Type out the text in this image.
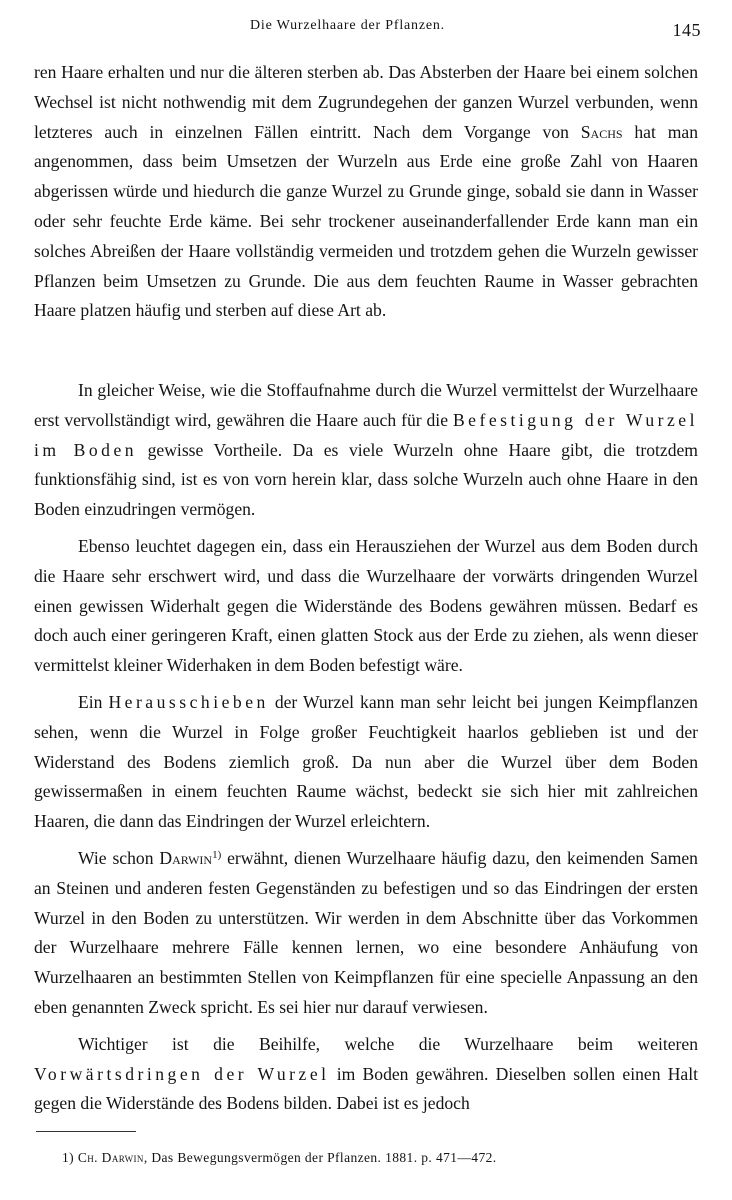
Die Wurzelhaare der Pflanzen.	145

ren Haare erhalten und nur die älteren sterben ab. Das Absterben der Haare bei einem solchen Wechsel ist nicht nothwendig mit dem Zugrundegehen der ganzen Wurzel verbunden, wenn letzteres auch in einzelnen Fällen eintritt. Nach dem Vorgange von Sachs hat man angenommen, dass beim Umsetzen der Wurzeln aus Erde eine große Zahl von Haaren abgerissen würde und hiedurch die ganze Wurzel zu Grunde ginge, sobald sie dann in Wasser oder sehr feuchte Erde käme. Bei sehr trockener auseinanderfallender Erde kann man ein solches Abreißen der Haare vollständig vermeiden und trotzdem gehen die Wurzeln gewisser Pflanzen beim Umsetzen zu Grunde. Die aus dem feuchten Raume in Wasser gebrachten Haare platzen häufig und sterben auf diese Art ab.

In gleicher Weise, wie die Stoffaufnahme durch die Wurzel vermittelst der Wurzelhaare erst vervollständigt wird, gewähren die Haare auch für die Befestigung der Wurzel im Boden gewisse Vortheile. Da es viele Wurzeln ohne Haare gibt, die trotzdem funktionsfähig sind, ist es von vorn herein klar, dass solche Wurzeln auch ohne Haare in den Boden einzudringen vermögen.

Ebenso leuchtet dagegen ein, dass ein Herausziehen der Wurzel aus dem Boden durch die Haare sehr erschwert wird, und dass die Wurzelhaare der vorwärts dringenden Wurzel einen gewissen Widerhalt gegen die Widerstände des Bodens gewähren müssen. Bedarf es doch auch einer geringeren Kraft, einen glatten Stock aus der Erde zu ziehen, als wenn dieser vermittelst kleiner Widerhaken in dem Boden befestigt wäre.

Ein Herausschieben der Wurzel kann man sehr leicht bei jungen Keimpflanzen sehen, wenn die Wurzel in Folge großer Feuchtigkeit haarlos geblieben ist und der Widerstand des Bodens ziemlich groß. Da nun aber die Wurzel über dem Boden gewissermaßen in einem feuchten Raume wächst, bedeckt sie sich hier mit zahlreichen Haaren, die dann das Eindringen der Wurzel erleichtern.

Wie schon Darwin$^{1)}$ erwähnt, dienen Wurzelhaare häufig dazu, den keimenden Samen an Steinen und anderen festen Gegenständen zu befestigen und so das Eindringen der ersten Wurzel in den Boden zu unterstützen. Wir werden in dem Abschnitte über das Vorkommen der Wurzelhaare mehrere Fälle kennen lernen, wo eine besondere Anhäufung von Wurzelhaaren an bestimmten Stellen von Keimpflanzen für eine specielle Anpassung an den eben genannten Zweck spricht. Es sei hier nur darauf verwiesen.

Wichtiger ist die Beihilfe, welche die Wurzelhaare beim weiteren Vorwärtsdringen der Wurzel im Boden gewähren. Dieselben sollen einen Halt gegen die Widerstände des Bodens bilden. Dabei ist es jedoch

1) Ch. Darwin, Das Bewegungsvermögen der Pflanzen. 1881. p. 471—472.
